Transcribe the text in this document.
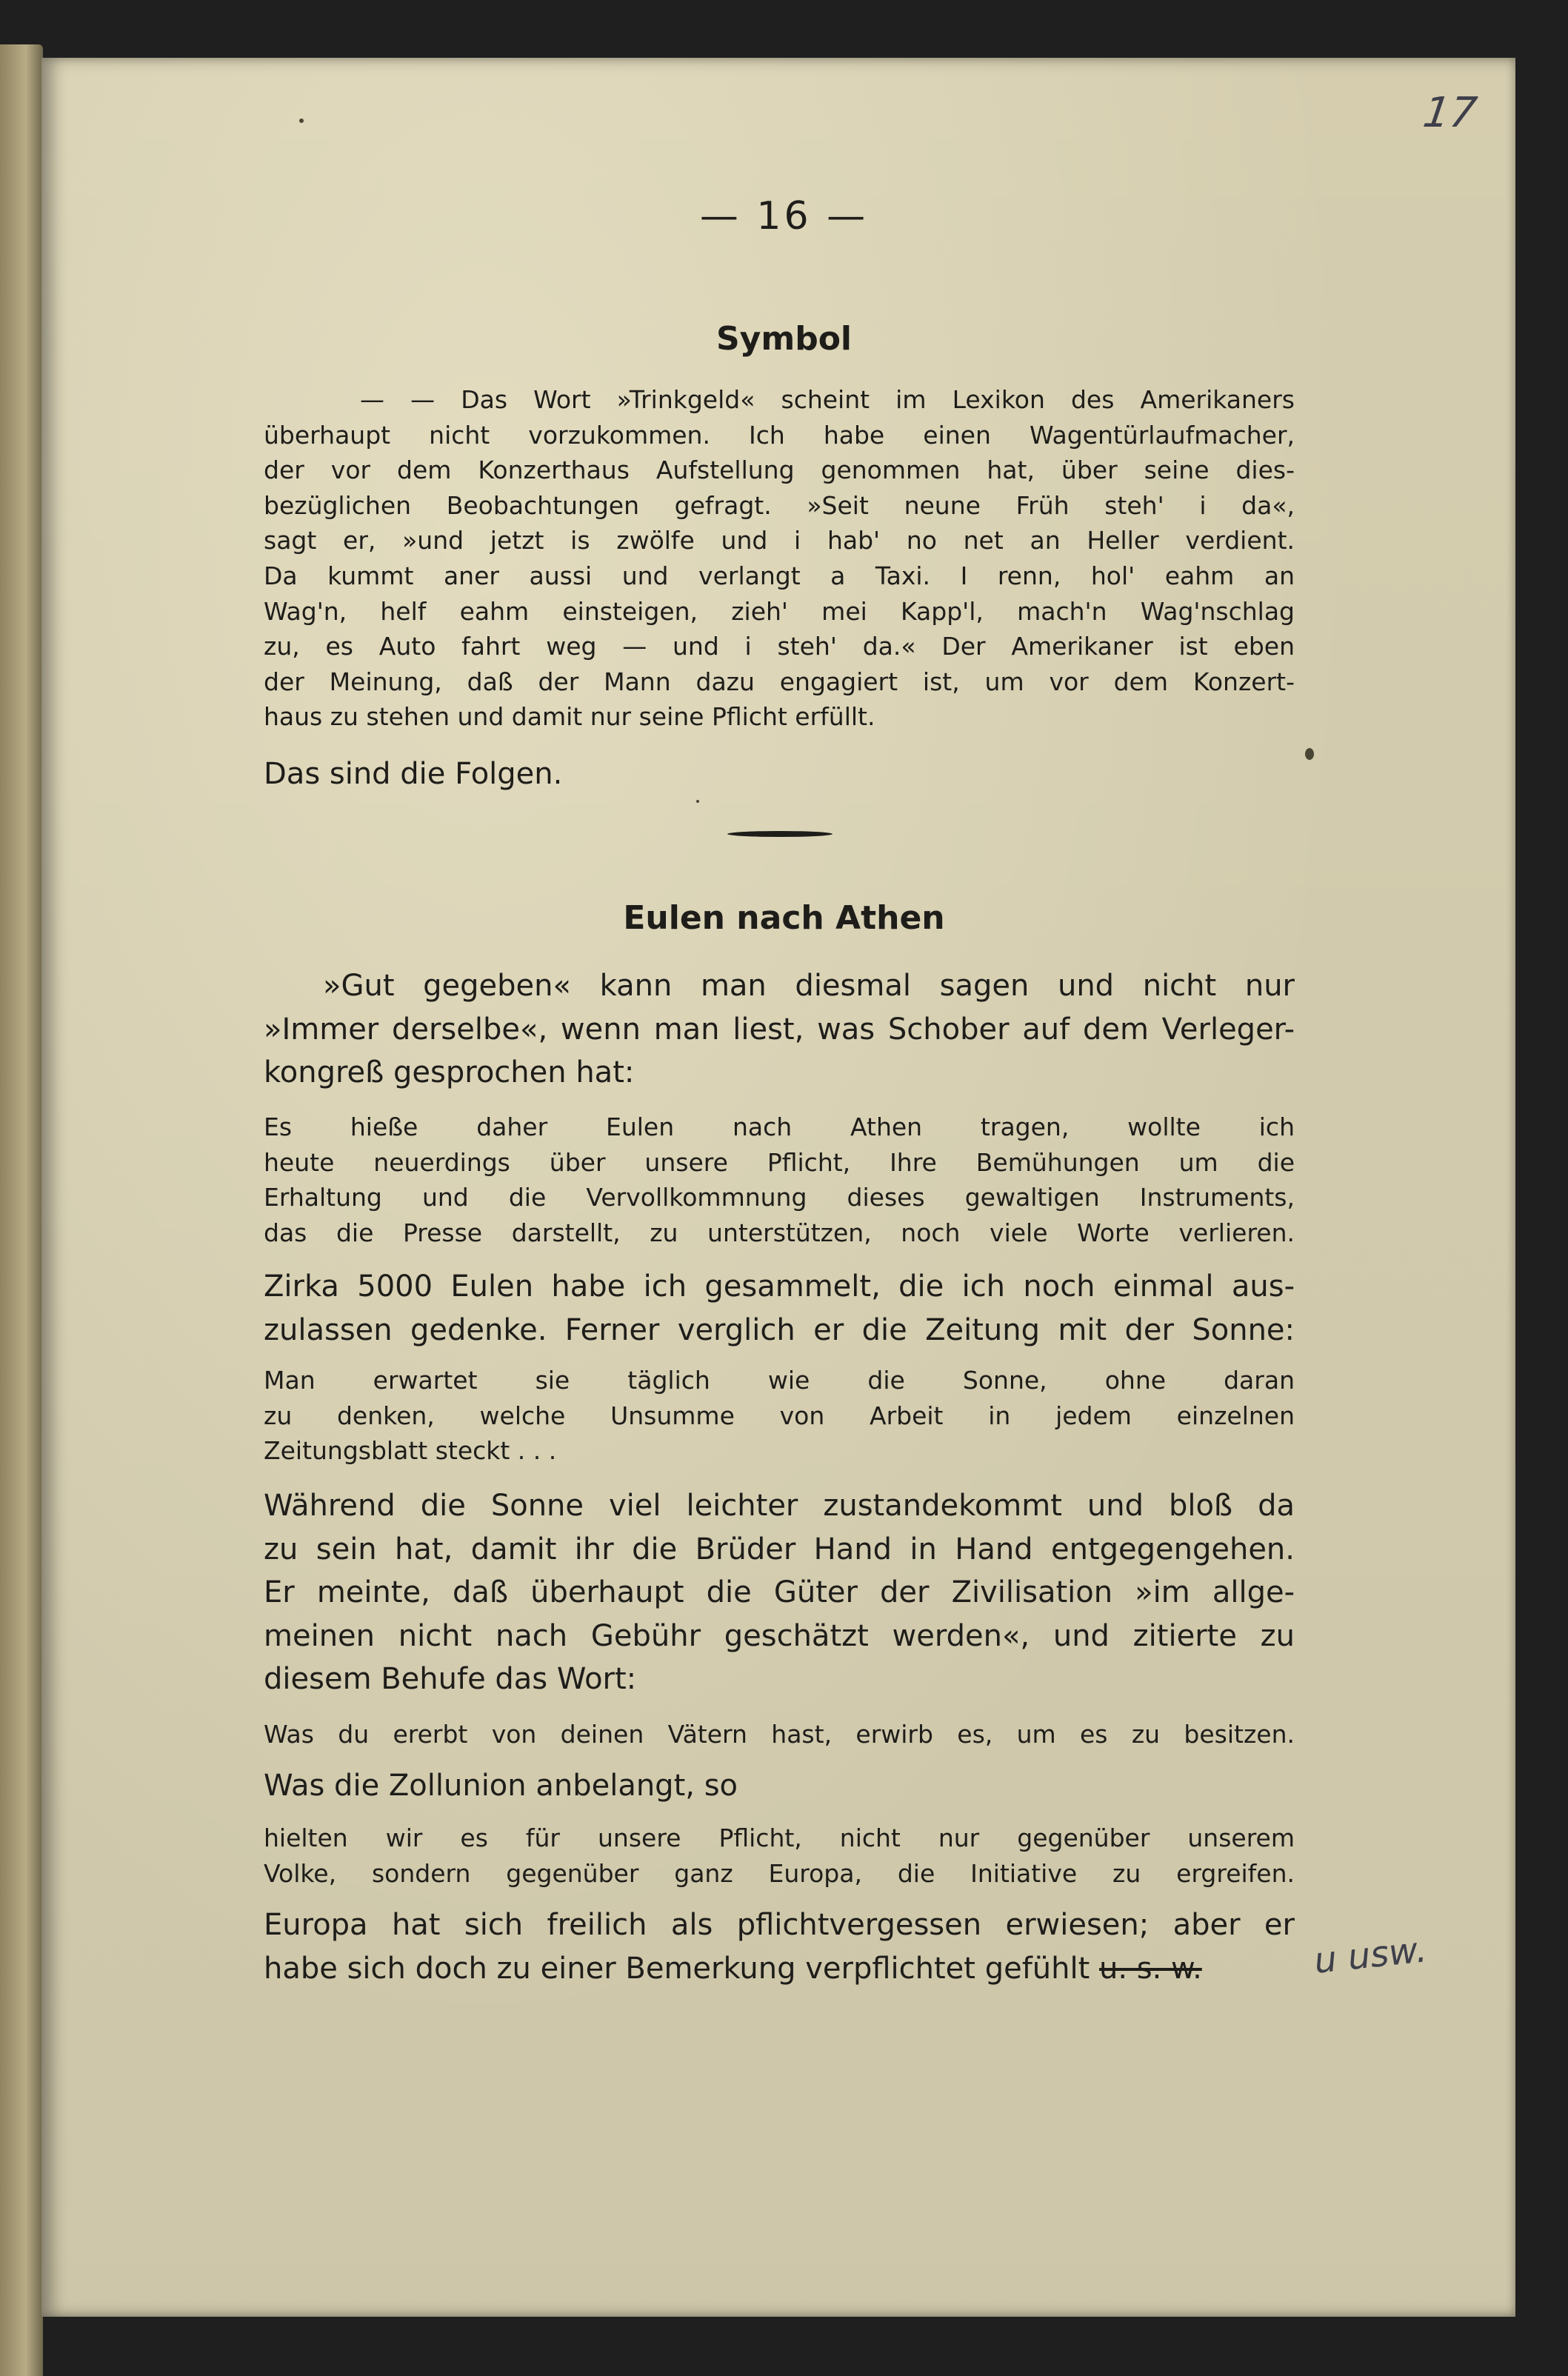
17
— 16 —
Symbol
— — Das Wort »Trinkgeld« scheint im Lexikon des Amerikaners
überhaupt nicht vorzukommen. Ich habe einen Wagentürlaufmacher,
der vor dem Konzerthaus Aufstellung genommen hat, über seine dies-
bezüglichen Beobachtungen gefragt. »Seit neune Früh steh' i da«,
sagt er, »und jetzt is zwölfe und i hab' no net an Heller verdient.
Da kummt aner aussi und verlangt a Taxi. I renn, hol' eahm an
Wag'n, helf eahm einsteigen, zieh' mei Kapp'l, mach'n Wag'nschlag
zu, es Auto fahrt weg — und i steh' da.« Der Amerikaner ist eben
der Meinung, daß der Mann dazu engagiert ist, um vor dem Konzert-
haus zu stehen und damit nur seine Pflicht erfüllt.
Das sind die Folgen.
Eulen nach Athen
»Gut gegeben« kann man diesmal sagen und nicht nur
»Immer derselbe«, wenn man liest, was Schober auf dem Verleger-
kongreß gesprochen hat:
Es hieße daher Eulen nach Athen tragen, wollte ich
heute neuerdings über unsere Pflicht, Ihre Bemühungen um die
Erhaltung und die Vervollkommnung dieses gewaltigen Instruments,
das die Presse darstellt, zu unterstützen, noch viele Worte verlieren.
Zirka 5000 Eulen habe ich gesammelt, die ich noch einmal aus-
zulassen gedenke. Ferner verglich er die Zeitung mit der Sonne:
Man erwartet sie täglich wie die Sonne, ohne daran
zu denken, welche Unsumme von Arbeit in jedem einzelnen
Zeitungsblatt steckt . . .
Während die Sonne viel leichter zustandekommt und bloß da
zu sein hat, damit ihr die Brüder Hand in Hand entgegengehen.
Er meinte, daß überhaupt die Güter der Zivilisation »im allge-
meinen nicht nach Gebühr geschätzt werden«, und zitierte zu
diesem Behufe das Wort:
Was du ererbt von deinen Vätern hast, erwirb es, um es zu besitzen.
Was die Zollunion anbelangt, so
hielten wir es für unsere Pflicht, nicht nur gegenüber unserem
Volke, sondern gegenüber ganz Europa, die Initiative zu ergreifen.
Europa hat sich freilich als pflichtvergessen erwiesen; aber er
habe sich doch zu einer Bemerkung verpflichtet gefühlt u. s. w.	u usw.
